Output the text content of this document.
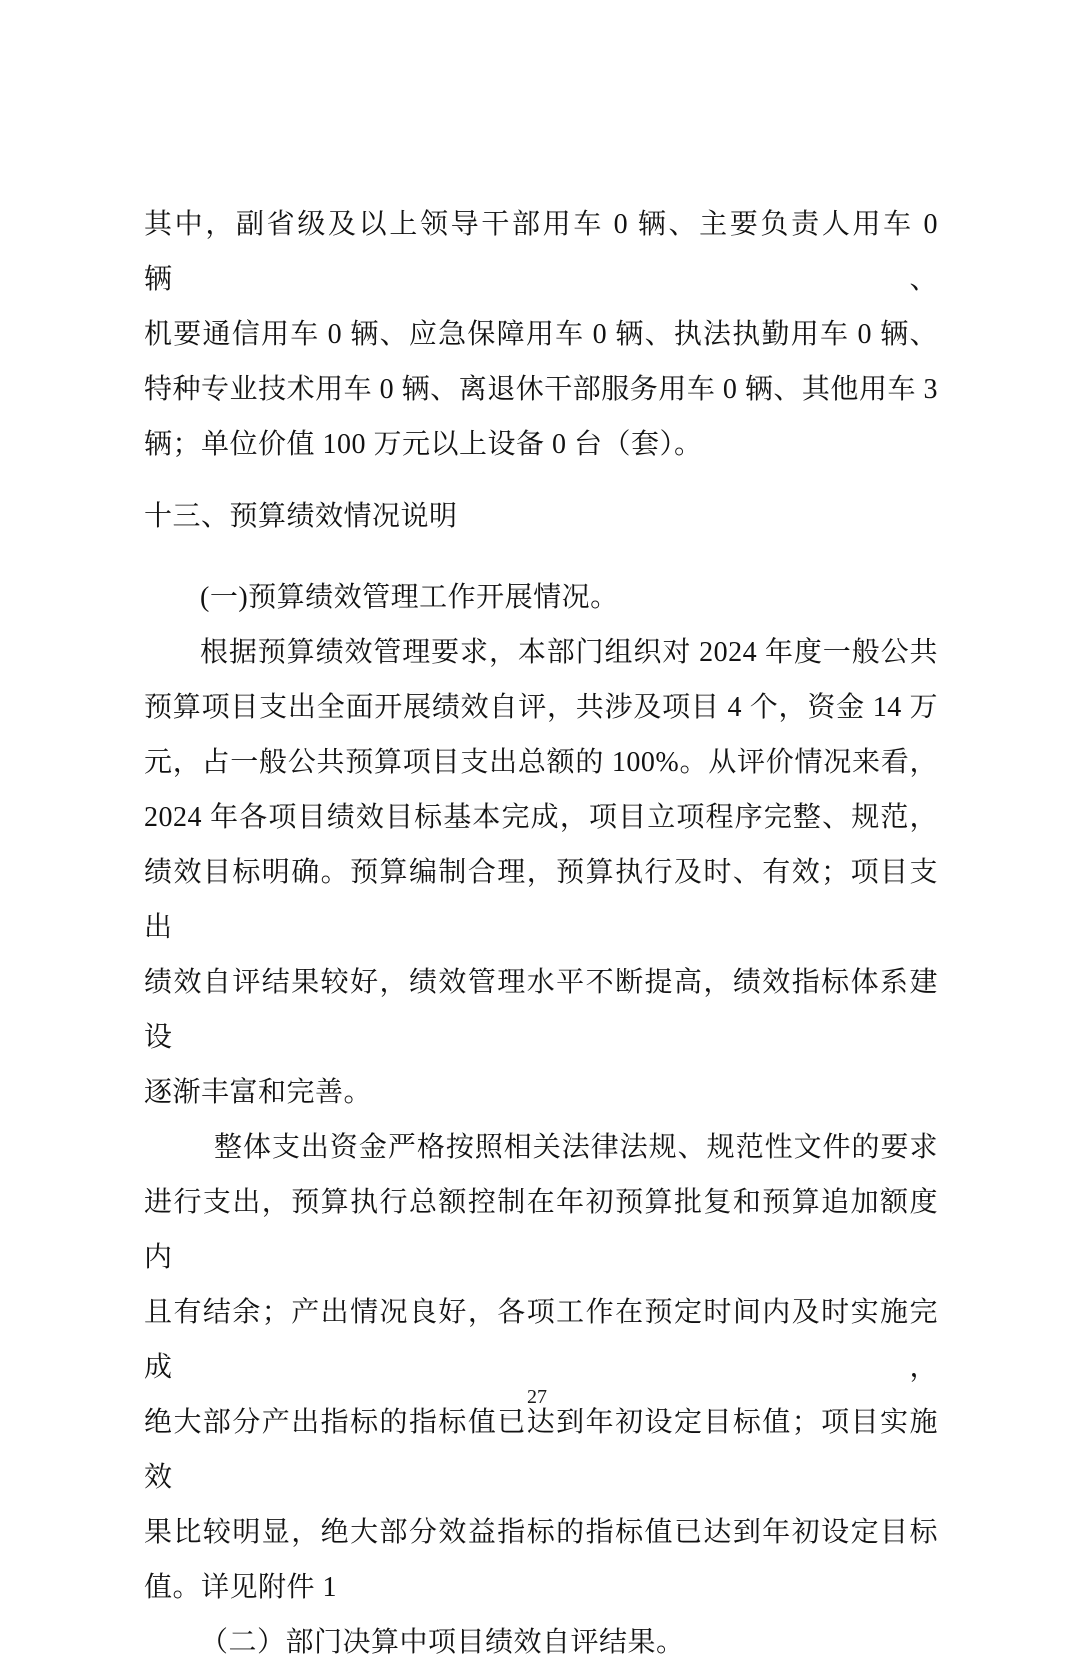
其中，副省级及以上领导干部用车 0 辆、主要负责人用车 0 辆、
机要通信用车 0 辆、应急保障用车 0 辆、执法执勤用车 0 辆、
特种专业技术用车 0 辆、离退休干部服务用车 0 辆、其他用车 3
辆；单位价值 100 万元以上设备 0 台（套）。
十三、预算绩效情况说明
(一)预算绩效管理工作开展情况。
根据预算绩效管理要求，本部门组织对 2024 年度一般公共
预算项目支出全面开展绩效自评，共涉及项目 4 个，资金 14 万
元，占一般公共预算项目支出总额的 100%。从评价情况来看，
2024 年各项目绩效目标基本完成，项目立项程序完整、规范，
绩效目标明确。预算编制合理，预算执行及时、有效；项目支出
绩效自评结果较好，绩效管理水平不断提高，绩效指标体系建设
逐渐丰富和完善。
整体支出资金严格按照相关法律法规、规范性文件的要求
进行支出，预算执行总额控制在年初预算批复和预算追加额度内
且有结余；产出情况良好，各项工作在预定时间内及时实施完成，
绝大部分产出指标的指标值已达到年初设定目标值；项目实施效
果比较明显，绝大部分效益指标的指标值已达到年初设定目标
值。详见附件 1
（二）部门决算中项目绩效自评结果。
27
